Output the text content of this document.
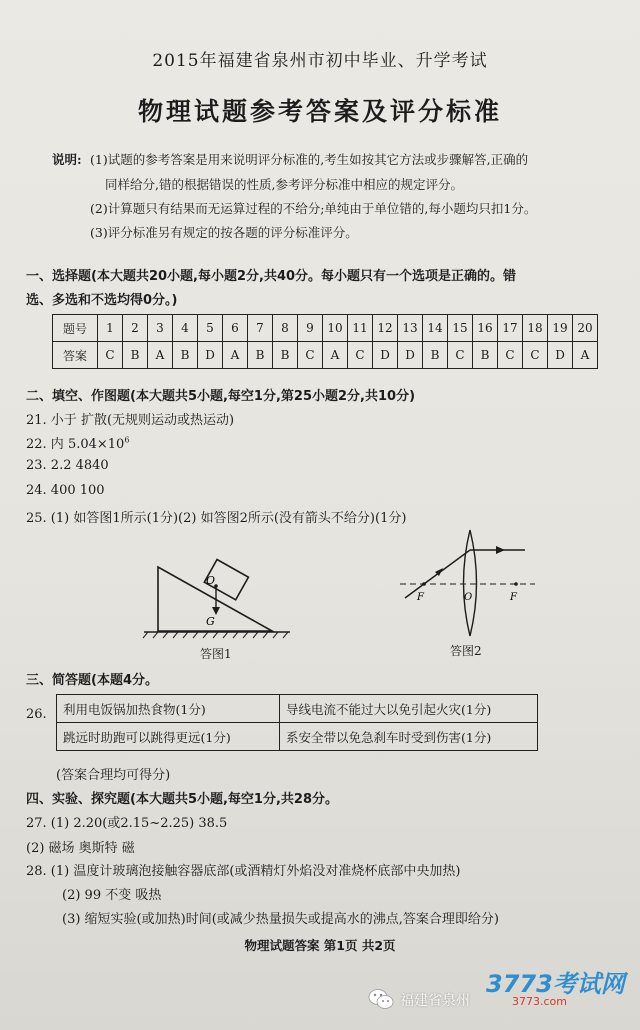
2015年福建省泉州市初中毕业、升学考试
物理试题参考答案及评分标准
说明: (1)试题的参考答案是用来说明评分标准的,考生如按其它方法或步骤解答,正确的
同样给分,错的根据错误的性质,参考评分标准中相应的规定评分。
(2)计算题只有结果而无运算过程的不给分;单纯由于单位错的,每小题均只扣1分。
(3)评分标准另有规定的按各题的评分标准评分。
一、选择题(本大题共20小题,每小题2分,共40分。每小题只有一个选项是正确的。错
选、多选和不选均得0分。)
题号	1	2	3	4	5	6	7	8	9	10	11	12	13	14	15	16	17	18	19	20
答案	C	B	A	B	D	A	B	B	C	A	C	D	D	B	C	B	C	C	D	A
二、填空、作图题(本大题共5小题,每空1分,第25小题2分,共10分)
21. 小于 扩散(无规则运动或热运动)
22. 内 $5.04\times 10^6$
23. 2.2 4840
24. 400 100
25. (1) 如答图1所示(1分)(2) 如答图2所示(没有箭头不给分)(1分)
O
G
答图1
F	O	F
答图2
三、简答题(本题4分。
26. 利用电饭锅加热食物(1分)	导线电流不能过大以免引起火灾(1分)
跳远时助跑可以跳得更远(1分)	系安全带以免急刹车时受到伤害(1分)
(答案合理均可得分)
四、实验、探究题(本大题共5小题,每空1分,共28分。
27. (1) 2.20(或2.15~2.25) 38.5
(2) 磁场 奥斯特 磁
28. (1) 温度计玻璃泡接触容器底部(或酒精灯外焰没对准烧杯底部中央加热)
(2) 99 不变 吸热
(3) 缩短实验(或加热)时间(或减少热量损失或提高水的沸点,答案合理即给分)
物理试题答案 第1页 共2页
福建省泉州
3773考试网
3773.com
